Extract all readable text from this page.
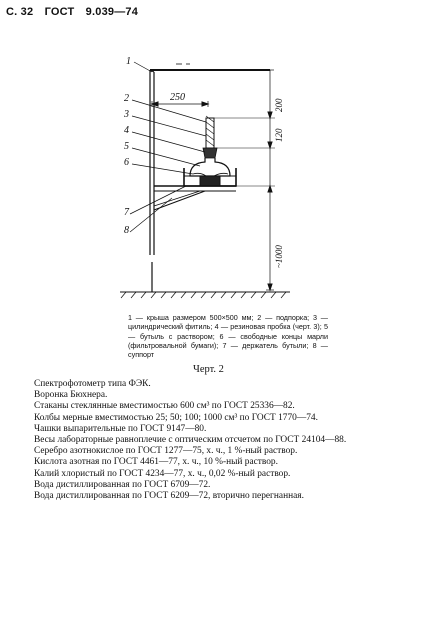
С. 32 ГОСТ 9.039—74
1
2
3
4
5
6
7
8
250
200
120
~1000
1 — крыша размером 500×500 мм; 2 — подпорка; 3 — цилиндрический фитиль; 4 — резиновая пробка (черт. 3); 5 — бутыль с раствором; 6 — свободные концы марли (фильтровальной бумаги); 7 — держатель бутыли; 8 — суппорт
Черт. 2
Спектрофотометр типа ФЭК.
Воронка Бюхнера.
Стаканы стеклянные вместимостью 600 см³ по ГОСТ 25336—82.
Колбы мерные вместимостью 25; 50; 100; 1000 см³ по ГОСТ 1770—74.
Чашки выпарительные по ГОСТ 9147—80.
Весы лабораторные равноплечие с оптическим отсчетом по ГОСТ 24104—88.
Серебро азотнокислое по ГОСТ 1277—75, х. ч., 1 %-ный раствор.
Кислота азотная по ГОСТ 4461—77, х. ч., 10 %-ный раствор.
Калий хлористый по ГОСТ 4234—77, х. ч., 0,02 %-ный раствор.
Вода дистиллированная по ГОСТ 6709—72.
Вода дистиллированная по ГОСТ 6209—72, вторично перегнанная.
